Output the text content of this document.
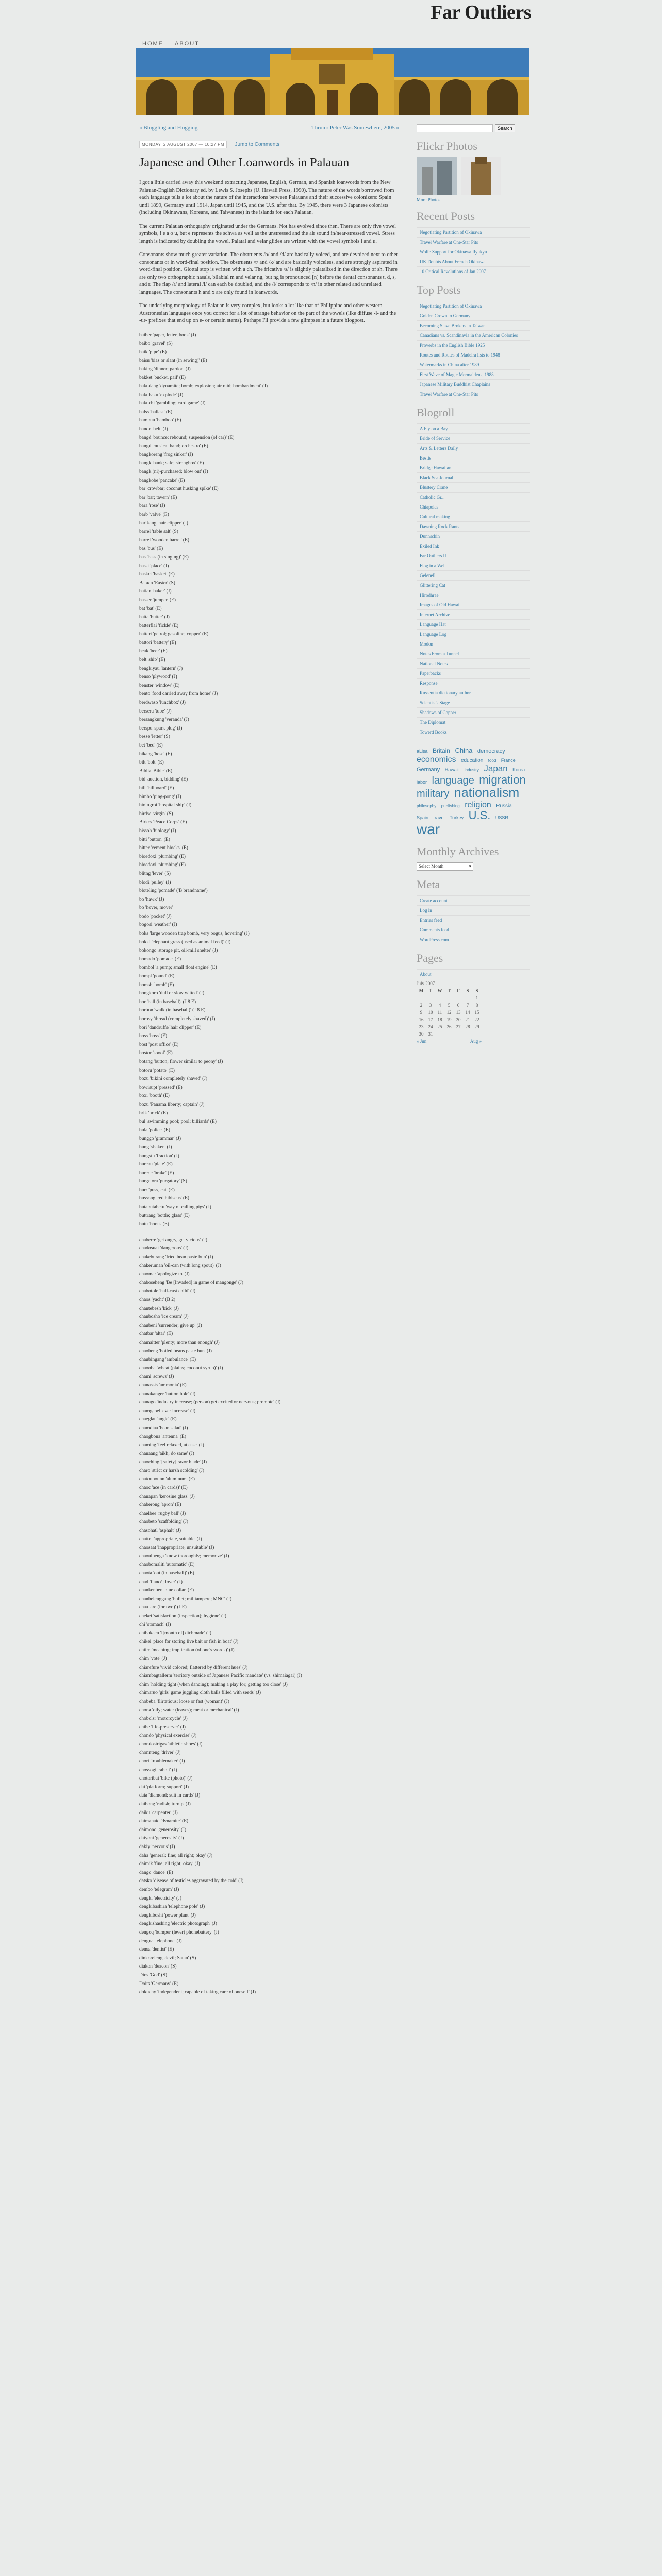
HOME ABOUT
Far Outliers
« Bloggling and Flogging	Thrum: Peter Was Somewhere, 2005 »
MONDAY, 2 AUGUST 2007 — 10:27 PM	| Jump to Comments
Japanese and Other Loanwords in Palauan

I got a little carried away this weekend extracting Japanese, English, German, and Spanish loanwords from the New Palauan-English Dictionary ed. by Lewis S. Josephs (U. Hawaii Press, 1990). The nature of the words borrowed from each language tells a lot about the nature of the interactions between Palauans and their successive colonizers: Spain until 1899, Germany until 1914, Japan until 1945, and the U.S. after that. By 1945, there were 3 Japanese colonists (including Okinawans, Koreans, and Taiwanese) in the islands for each Palauan.

The current Palauan orthography originated under the Germans. Not has evolved since then. There are only five vowel symbols, i e a o u, but e represents the schwa as well as the unstressed and the air sound in/near-stressed vowel. Stress length is indicated by doubling the vowel. Palatal and velar glides are written with the vowel symbols i and u.

Consonants show much greater variation. The obstruents /b/ and /d/ are basically voiced, and are devoiced next to other consonants or in word-final position. The obstruents /t/ and /k/ and are basically voiceless, and are strongly aspirated in word-final position. Glottal stop is written with a ch. The fricative /s/ is slightly palatalized in the direction of sh. There are only two orthographic nasals, bilabial m and velar ng, but ng is pronounced [n] before the dental consonants t, d, s, and r. The flap /r/ and lateral /l/ can each be doubled, and the /l/ corresponds to /n/ in other related and unrelated languages. The consonants h and x are only found in loanwords.

The underlying morphology of Palauan is very complex, but looks a lot like that of Philippine and other western Austronesian languages once you correct for a lot of strange behavior on the part of the vowels (like diffuse -l- and the -ur- prefixes that end up on e- or certain stems). Perhaps I'll provide a few glimpses in a future blogpost.

baiber 'paper, letter, book' (J)
baibo 'gravel' (S)
baik 'pipe' (E)
baisu 'bias or slant (in sewing)' (E)
baking 'dinner; pardon' (J)
bakket 'bucket, pail' (E)
bakudang 'dynamite; bomb; explosion; air raid; bombardment' (J)
bakubaku 'explode' (J)
bakuchi 'gambling; card game' (J)
balss 'ballast' (E)
bambuu 'bamboo' (E)
bando 'belt' (J)
bangd 'bounce; rebound; suspension (of car)' (E)
bangd 'musical band; orchestra' (E)
bangkoreng 'frog sinker' (J)
bangk 'bank; safe; strongbox' (E)
bangk (ni)-purchased; blow out' (J)
bangkobe 'pancake' (E)
bar 'crowbar; coconut husking spike' (E)
bar 'bar; tavern' (E)
bara 'rose' (J)
barb 'valve' (E)
barikang 'hair clipper' (J)
barrel 'table salt' (S)
barrel 'wooden barrel' (E)
bas 'bus' (E)
bas 'bass (in singing)' (E)
bassi 'place' (J)
basket 'basket' (E)
Bataan 'Easter' (S)
batian 'baker' (J)
basser 'jumper' (E)
bat 'bat' (E)
batta 'butter' (J)
batterflai 'fickle' (E)
batteri 'petrol; gasoline; copper' (E)
battori 'battery' (E)
beak 'beer' (E)
belt 'ship' (E)
bengkiyau 'lantern' (J)
benso 'plywood' (J)
benster 'window' (E)
bento 'food carried away from home' (J)
berdwaso 'lunchbox' (J)
berseru 'tube' (J)
bersangkung 'veranda' (J)
berspu 'spark plug' (J)
besse 'letter' (S)
bet 'bed' (E)
bikang 'hose' (E)
bilt 'bolt' (E)
Biblia 'Bible' (E)
bid 'auction, bidding' (E)
bill 'billboard' (E)
bimbo 'ping-pong' (J)
bioingroi 'hospital ship' (J)
birdse 'virgin' (S)
Birkes 'Peace Corps' (E)
bissoh 'biology' (J)
bitti 'button' (E)
bitter 'cement blocks' (E)
bloedoxi 'plumbing' (E)
bloedoxi 'plumbing' (E)
blitng 'lever' (S)
blodi 'pulley' (J)
bloteling 'pomade' ('B brandname')
bo 'hawk' (J)
bo 'hover, mover'
bodo 'pocket' (J)
bogosi 'weather' (J)
boks 'large wooden trap bomb, very bogus, hovering' (J)
bokki 'elephant grass (used as animal feed)' (J)
bokongo 'storage pit, oil-mill shelter' (J)
bomado 'pomade' (E)
bombol 'a pump; small float engine' (E)
bompl 'pound' (E)
bomsb 'bomb' (E)
bongkoro 'dull or slow witted' (J)
bor 'ball (in baseball)' (J 8 E)
borbon 'walk (in baseball)' (J 8 E)
borosy 'thread (completely shaved)' (J)
bori 'dandruffs/ hair clipper' (E)
boss 'boss' (E)
bost 'post office' (E)
bostor 'spool' (E)
botang 'button; flower similar to peony' (J)
botoru 'potato' (E)
bozu 'bikini completely shaved' (J)
bowisupt 'pressed' (E)
boxi 'booth' (E)
bozu 'Panama liberty; captain' (J)
brik 'brick' (E)
bul 'swimming pool; pool; billiards' (E)
bula 'police' (E)
bunggo 'grammar' (J)
bung 'shaken' (J)
bungstu 'fraction' (J)
bureau 'plate' (E)
burede 'brake' (E)
burgatora 'purgatory' (S)
burr 'puss, cat' (E)
bussong 'red hibiscus' (E)
butabutabetu 'way of calling pigs' (J)
buttrang 'bottle; glass' (E)
butu 'boots' (E)
chaberre 'get angry, get vicious' (J)
chadosuai 'dangerous' (J)
chakeburang 'fried bean paste bun' (J)
chakeruman 'oil-can (with long spout)' (J)
chaomar 'apologize to' (J)
chaboseheng 'Be [Invaded] in game of mangonge' (J)
chabotole 'half-cast child' (J)
chaos 'yacht' (B 2)
chantebesh 'kick' (J)
chanbosho 'ice cream' (J)
chaubeni 'surrender; give up' (J)
chatbar 'altar' (E)
chamaitter 'plenty; more than enough' (J)
chaobeng 'boiled beans paste bun' (J)
chaubingang 'ambulance' (E)
chaooba 'wheat (plains; coconut syrup)' (J)
chami 'screws' (J)
chanassis 'ammonia' (E)
chanakanger 'button hole' (J)
chanago 'industry increase; (person) get excited or nervous; promote' (J)
chamgapel 'ever increase' (J)
chaeglat 'angle' (E)
chamdiaa 'bean salad' (J)
chaogbona 'antenna' (E)
chaming 'feel relaxed, at ease' (J)
chanaang 'aikh; do same' (J)
chaoching '[safety] razor blade' (J)
charo 'strict or harsh scolding' (J)
chatoubounn 'aluminum' (E)
chaoc 'ace (in cards)' (E)
chanapan 'kerosine glass' (J)
chaberong 'apron' (E)
chaelbee 'rugby ball' (J)
chaobeto 'scaffolding' (J)
chasohatl 'asphalt' (J)
chattoi 'appropriate, suitable' (J)
chaosaat 'inappropriate, unsuitable' (J)
chaoulbenga 'know thoroughly; memorize' (J)
chaobomaliti 'automatic' (E)
chaota 'out (in baseball)' (E)
chad 'fiancé; lover' (J)
chankenben 'blue collar' (E)
chanbelenggang 'bullet; milliampere; MNC' (J)
chaa 'are (for two)' (J E)
chekei 'satisfaction (inspection); hygiene' (J)
chi 'stomach' (J)
chibakaen 'I[month of] dichmade' (J)
chikei 'place for storing live bait or fish in boat' (J)
chiim 'meaning; implication (of one's words)' (J)
chim 'vote' (J)
chiarefure 'vivid colored; flattered by different hues' (J)
chiambagtallerm 'territory outside of Japanese Pacific mandate' (vs. shimaiagai) (J)
chim 'holding tight (when dancing); making a play for; getting too close' (J)
chimaruo 'girls' game juggling cloth balls filled with seeds' (J)
chobeba 'flirtatious; loose or fast (woman)' (J)
chona 'oily; water (leaves); meat or mechanical' (J)
chobolsr 'motorcycle' (J)
chihe 'life-preserver' (J)
chondo 'physical exercise' (J)
chondosirigas 'athletic shoes' (J)
chonnteng 'driver' (J)
chori 'troublemaker' (J)
chossogi 'rabbit' (J)
chotoribai 'bike (photo)' (J)
dai 'platform; support' (J)
daia 'diamond; suit in cards' (J)
daibong 'radish; turnip' (J)
daiku 'carpenter' (J)
daimanaid 'dynamite' (E)
daimono 'generosity' (J)
daiyoni 'generosity' (J)
dakiy 'nervous' (J)
daha 'general; fine; all right; okay' (J)
daimik 'fine; all right; okay' (J)
dango 'dance' (E)
datsko 'disease of testicles aggravated by the cold' (J)
dembo 'telegram' (J)
dengki 'electricity' (J)
dengkibashira 'telephone pole' (J)
dengkiboshi 'power plant' (J)
dengkishashing 'electric photograph' (J)
dengoq 'bumper (lever) phonebattery' (J)
dengua 'telephone' (J)
densa 'dentist' (E)
dinkoreleng 'devil; Satan' (S)
diakon 'deacon' (S)
Dios 'God' (S)
Doits 'Germany' (E)
dokuchy 'independent; capable of taking care of oneself' (J)
Search
Flickr Photos
More Photos
Recent Posts
Negotiating Partition of Okinawa
Travel Warfare at One-Star Pits
Wolfe Support for Okinawa Ryukyu
UK Doubts About French Okinawa
10 Critical Revolutions of Jan 2007
Top Posts
Negotiating Partition of Okinawa
Golden Crown to Germany
Becoming Slave Brokers in Taiwan
Canadians vs. Scandinavia in the American Colonies
Proverbs in the English Bible 1925
Routes and Routes of Madeira lists to 1948
Watermarks in China after 1989
First Wave of Magic Mermaidens, 1988
Japanese Military Buddhist Chaplains
Travel Warfare at One-Star Pits
Blogroll
A Fly on a Bay
Bride of Service
Arts & Letters Daily
Bestis
Bridge Hawaiian
Black Sea Journal
Blustery Crane
Catholic Gr...
Chiapolas
Cultural making
Dawning Rock Rants
Dunnschin
Exiled Ink
Far Outliers II
Flog in a Well
Gelenell
Glittering Cat
Hirodhrae
Images of Old Hawaii
Internet Archive
Language Hat
Language Log
Modon
Notes From a Tunnel
National Notes
Paperbacks
Response
Russentia dictionary author
Scientist's Stage
Shadows of Copper
The Diplomat
Towerd Books
aLisa Britain China democracy economics education food France Germany Hawai'i industry Japan Korea labor language migration military nationalism philosophy publishing religion Russia Spain travel Turkey U.S. USSR war
Monthly Archives
Select Month	▾
Meta
Create account
Log in
Entries feed
Comments feed
WordPress.com
Pages
About
July 2007
M	T	W	T	F	S	S
						1
2	3	4	5	6	7	8
9	10	11	12	13	14	15
16	17	18	19	20	21	22
23	24	25	26	27	28	29
30	31					
« Jun				Aug »		
